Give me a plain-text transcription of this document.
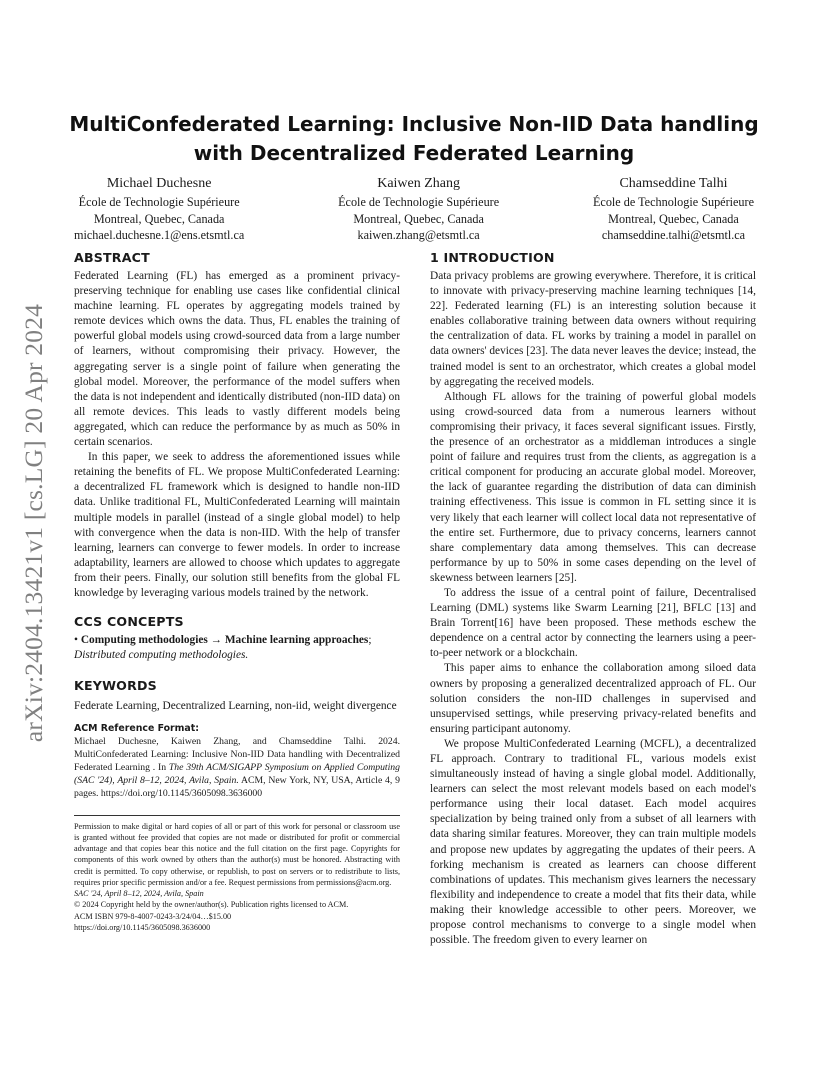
arXiv:2404.13421v1 [cs.LG] 20 Apr 2024
MultiConfederated Learning: Inclusive Non-IID Data handling with Decentralized Federated Learning
Michael Duchesne
École de Technologie Supérieure
Montreal, Quebec, Canada
michael.duchesne.1@ens.etsmtl.ca
Kaiwen Zhang
École de Technologie Supérieure
Montreal, Quebec, Canada
kaiwen.zhang@etsmtl.ca
Chamseddine Talhi
École de Technologie Supérieure
Montreal, Quebec, Canada
chamseddine.talhi@etsmtl.ca
ABSTRACT

Federated Learning (FL) has emerged as a prominent privacy-preserving technique for enabling use cases like confidential clinical machine learning. FL operates by aggregating models trained by remote devices which owns the data. Thus, FL enables the training of powerful global models using crowd-sourced data from a large number of learners, without compromising their privacy. However, the aggregating server is a single point of failure when generating the global model. Moreover, the performance of the model suffers when the data is not independent and identically distributed (non-IID data) on all remote devices. This leads to vastly different models being aggregated, which can reduce the performance by as much as 50% in certain scenarios.

In this paper, we seek to address the aforementioned issues while retaining the benefits of FL. We propose MultiConfederated Learning: a decentralized FL framework which is designed to handle non-IID data. Unlike traditional FL, MultiConfederated Learning will maintain multiple models in parallel (instead of a single global model) to help with convergence when the data is non-IID. With the help of transfer learning, learners can converge to fewer models. In order to increase adaptability, learners are allowed to choose which updates to aggregate from their peers. Finally, our solution still benefits from the global FL knowledge by leveraging various models trained by the network.

CCS CONCEPTS

• Computing methodologies → Machine learning approaches; Distributed computing methodologies.

KEYWORDS

Federate Learning, Decentralized Learning, non-iid, weight divergence

ACM Reference Format:

Michael Duchesne, Kaiwen Zhang, and Chamseddine Talhi. 2024. MultiConfederated Learning: Inclusive Non-IID Data handling with Decentralized Federated Learning . In The 39th ACM/SIGAPP Symposium on Applied Computing (SAC '24), April 8–12, 2024, Avila, Spain. ACM, New York, NY, USA, Article 4, 9 pages. https://doi.org/10.1145/3605098.3636000

Permission to make digital or hard copies of all or part of this work for personal or classroom use is granted without fee provided that copies are not made or distributed for profit or commercial advantage and that copies bear this notice and the full citation on the first page. Copyrights for components of this work owned by others than the author(s) must be honored. Abstracting with credit is permitted. To copy otherwise, or republish, to post on servers or to redistribute to lists, requires prior specific permission and/or a fee. Request permissions from permissions@acm.org.

SAC '24, April 8–12, 2024, Avila, Spain

© 2024 Copyright held by the owner/author(s). Publication rights licensed to ACM.

ACM ISBN 979-8-4007-0243-3/24/04…$15.00

https://doi.org/10.1145/3605098.3636000

1 INTRODUCTION

Data privacy problems are growing everywhere. Therefore, it is critical to innovate with privacy-preserving machine learning techniques [14, 22]. Federated learning (FL) is an interesting solution because it enables collaborative training between data owners without requiring the centralization of data. FL works by training a model in parallel on data owners' devices [23]. The data never leaves the device; instead, the trained model is sent to an orchestrator, which creates a global model by aggregating the received models.

Although FL allows for the training of powerful global models using crowd-sourced data from a numerous learners without compromising their privacy, it faces several significant issues. Firstly, the presence of an orchestrator as a middleman introduces a single point of failure and requires trust from the clients, as aggregation is a critical component for producing an accurate global model. Moreover, the lack of guarantee regarding the distribution of data can diminish training effectiveness. This issue is common in FL setting since it is very likely that each learner will collect local data not representative of the entire set. Furthermore, due to privacy concerns, learners cannot share complementary data among themselves. This can decrease performance by up to 50% in some cases depending on the level of skewness between learners [25].

To address the issue of a central point of failure, Decentralised Learning (DML) systems like Swarm Learning [21], BFLC [13] and Brain Torrent[16] have been proposed. These methods eschew the dependence on a central actor by connecting the learners using a peer-to-peer network or a blockchain.

This paper aims to enhance the collaboration among siloed data owners by proposing a generalized decentralized approach of FL. Our solution considers the non-IID challenges in supervised and unsupervised settings, while preserving privacy-related benefits and ensuring participant autonomy.

We propose MultiConfederated Learning (MCFL), a decentralized FL approach. Contrary to traditional FL, various models exist simultaneously instead of having a single global model. Additionally, learners can select the most relevant models based on each model's performance using their local dataset. Each model acquires specialization by being trained only from a subset of all learners with data sharing similar features. Moreover, they can train multiple models and propose new updates by aggregating the updates of their peers. A forking mechanism is created as learners can choose different combinations of updates. This mechanism gives learners the necessary flexibility and independence to create a model that fits their data, while making their knowledge accessible to other peers. Moreover, we propose control mechanisms to converge to a single model when possible. The freedom given to every learner on
